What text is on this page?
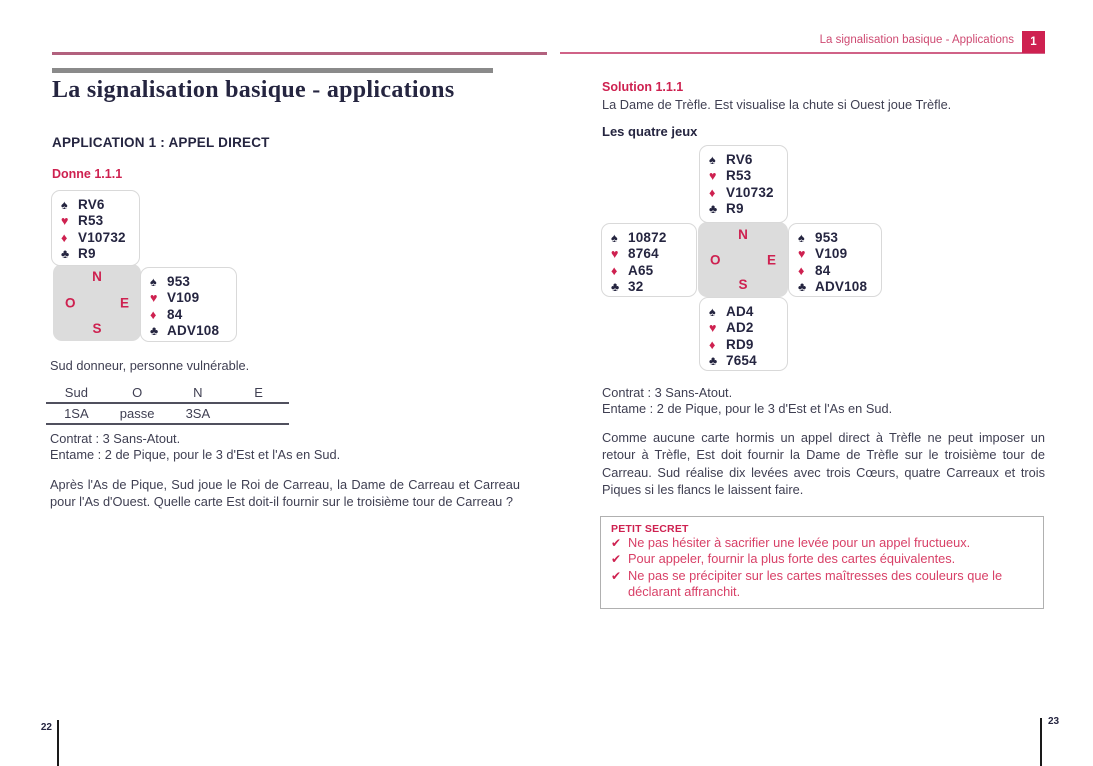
La signalisation basique - Applications	1
La signalisation basique - applications
APPLICATION 1 : APPEL DIRECT
Donne 1.1.1
♠ RV6
♥ R53
♦ V10732
♣ R9
N
O	E
S
♠ 953
♥ V109
♦ 84
♣ ADV108
Sud donneur, personne vulnérable.
Sud	O	N	E
1SA	passe	3SA
Contrat : 3 Sans-Atout.
Entame : 2 de Pique, pour le 3 d'Est et l'As en Sud.
Après l'As de Pique, Sud joue le Roi de Carreau, la Dame de Carreau et Carreau pour l'As d'Ouest. Quelle carte Est doit-il fournir sur le troisième tour de Carreau ?
Solution 1.1.1
La Dame de Trèfle. Est visualise la chute si Ouest joue Trèfle.
Les quatre jeux
♠ RV6
♥ R53
♦ V10732
♣ R9
♠ 10872
♥ 8764
♦ A65
♣ 32
N
O	E
S
♠ 953
♥ V109
♦ 84
♣ ADV108
♠ AD4
♥ AD2
♦ RD9
♣ 7654
Contrat : 3 Sans-Atout.
Entame : 2 de Pique, pour le 3 d'Est et l'As en Sud.
Comme aucune carte hormis un appel direct à Trèfle ne peut imposer un retour à Trèfle, Est doit fournir la Dame de Trèfle sur le troisième tour de Carreau. Sud réalise dix levées avec trois Cœurs, quatre Carreaux et trois Piques si les flancs le laissent faire.
PETIT SECRET
✔ Ne pas hésiter à sacrifier une levée pour un appel fructueux.
✔ Pour appeler, fournir la plus forte des cartes équivalentes.
✔ Ne pas se précipiter sur les cartes maîtresses des couleurs que le déclarant affranchit.
22
23
